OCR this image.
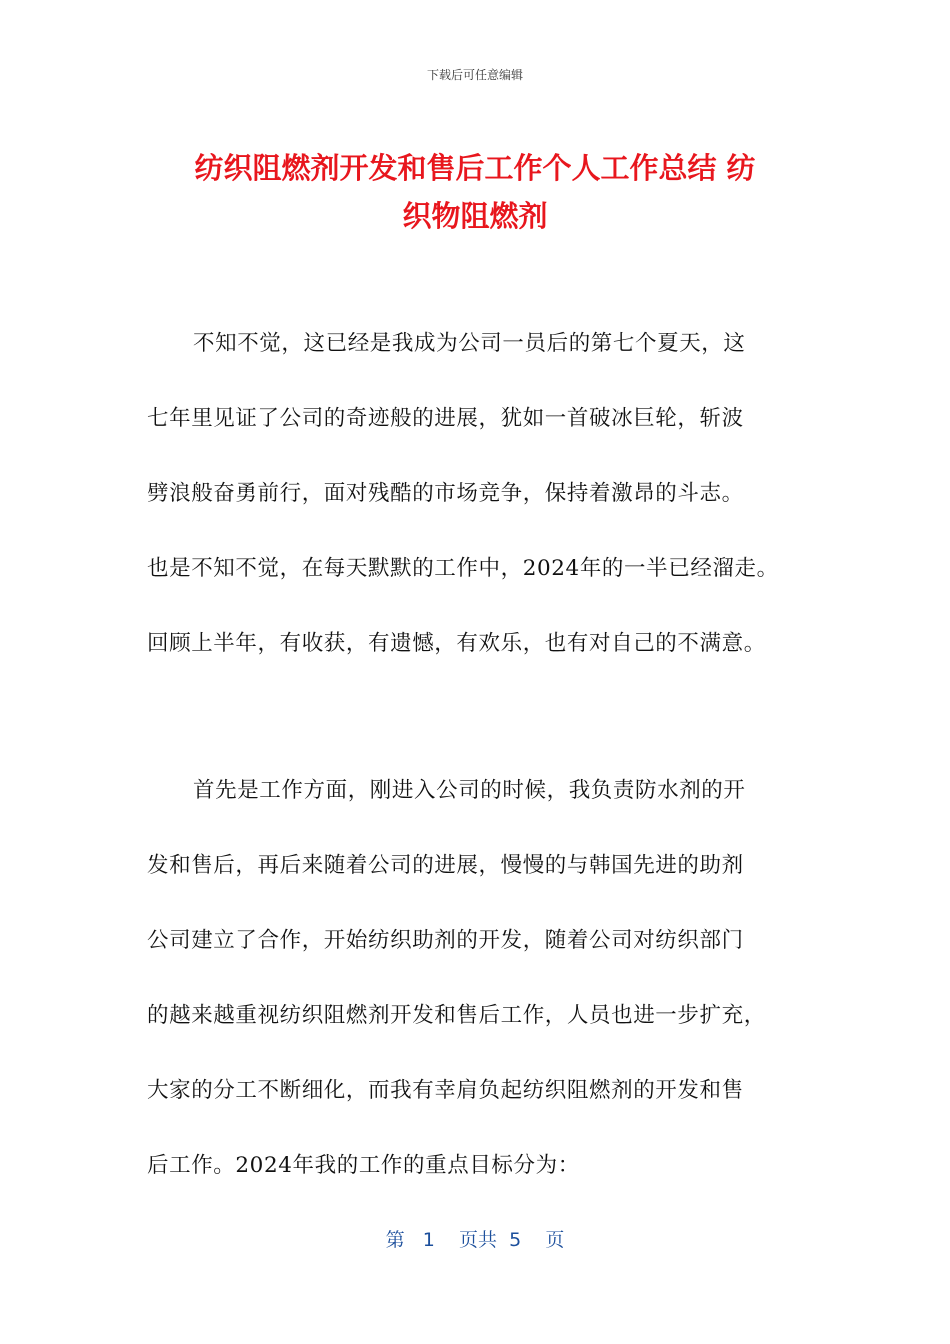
下载后可任意编辑
纺织阻燃剂开发和售后工作个人工作总结 纺
织物阻燃剂
不知不觉，这已经是我成为公司一员后的第七个夏天，这
七年里见证了公司的奇迹般的进展，犹如一首破冰巨轮，斩波
劈浪般奋勇前行，面对残酷的市场竞争，保持着激昂的斗志。
也是不知不觉，在每天默默的工作中，2024年的一半已经溜走。
回顾上半年，有收获，有遗憾，有欢乐，也有对自己的不满意。
首先是工作方面，刚进入公司的时候，我负责防水剂的开
发和售后，再后来随着公司的进展，慢慢的与韩国先进的助剂
公司建立了合作，开始纺织助剂的开发，随着公司对纺织部门
的越来越重视纺织阻燃剂开发和售后工作，人员也进一步扩充，
大家的分工不断细化，而我有幸肩负起纺织阻燃剂的开发和售
后工作。2024年我的工作的重点目标分为：
第 1 页共 5 页
